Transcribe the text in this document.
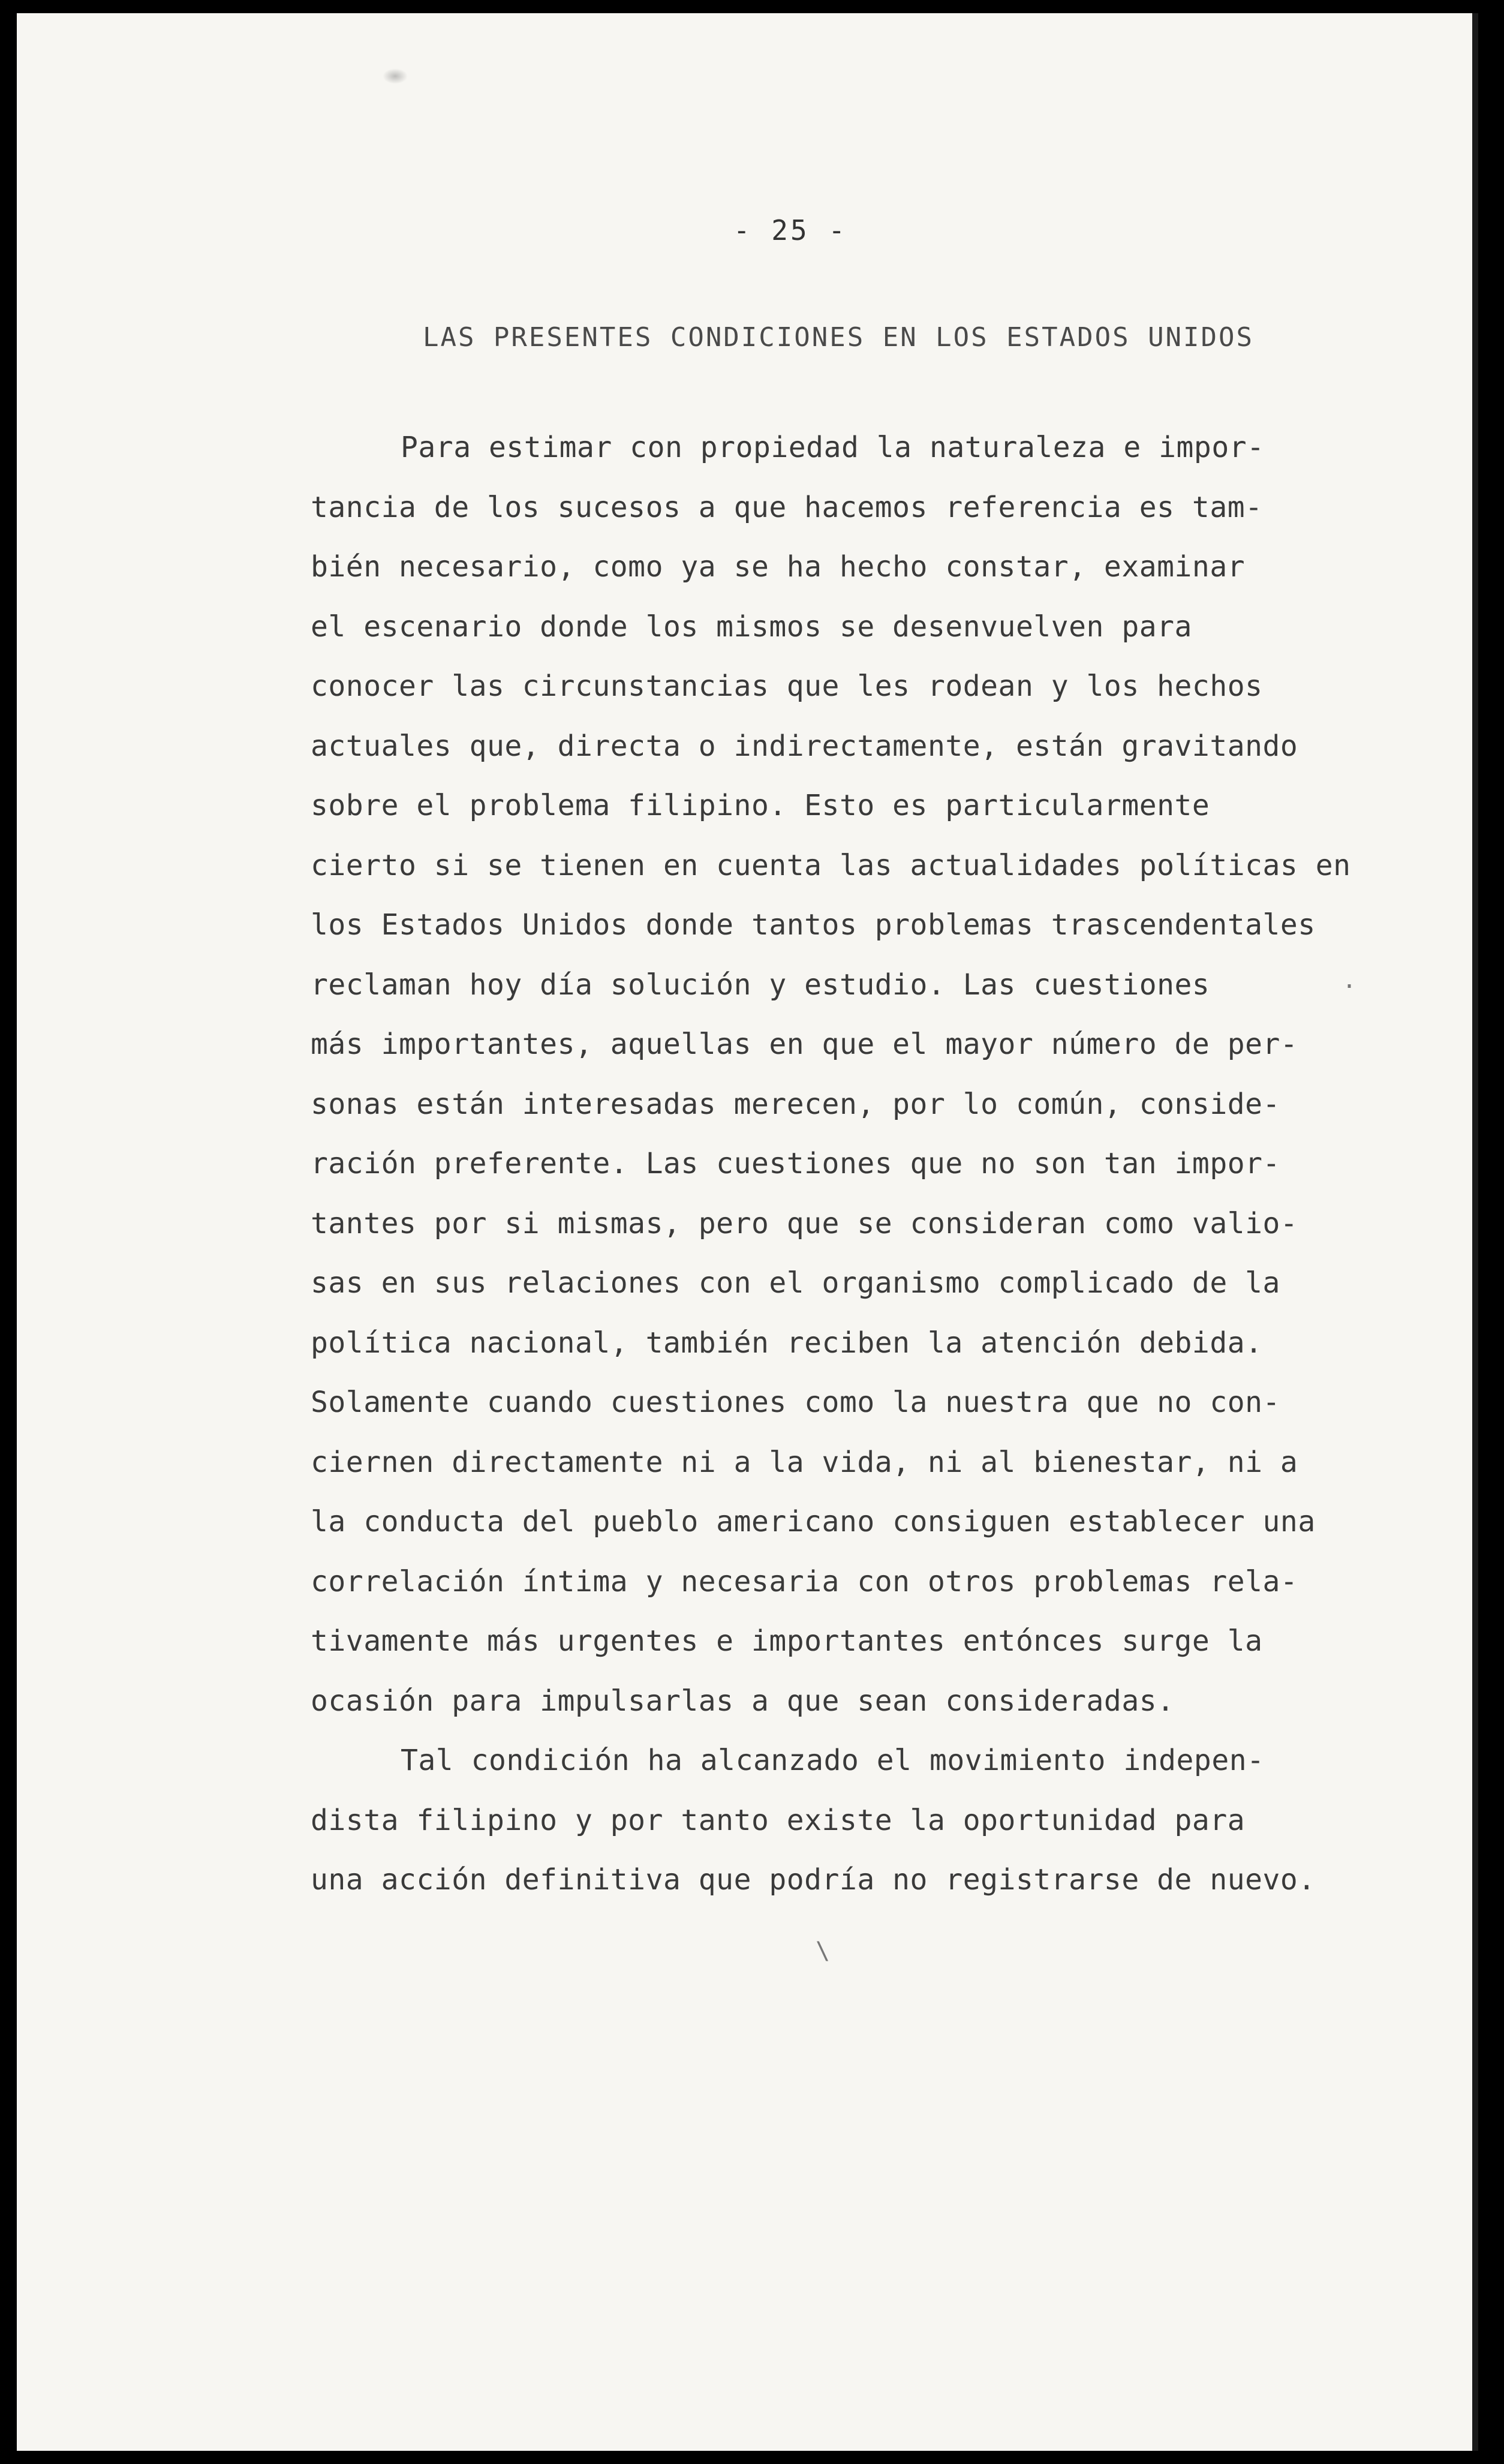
- 25 -
LAS PRESENTES CONDICIONES EN LOS ESTADOS UNIDOS
Para estimar con propiedad la naturaleza e impor-
tancia de los sucesos a que hacemos referencia es tam-
bién necesario, como ya se ha hecho constar, examinar
el escenario donde los mismos se desenvuelven para
conocer las circunstancias que les rodean y los hechos
actuales que, directa o indirectamente, están gravitando
sobre el problema filipino. Esto es particularmente
cierto si se tienen en cuenta las actualidades políticas en
los Estados Unidos donde tantos problemas trascendentales
reclaman hoy día solución y estudio. Las cuestiones
más importantes, aquellas en que el mayor número de per-
sonas están interesadas merecen, por lo común, conside-
ración preferente. Las cuestiones que no son tan impor-
tantes por si mismas, pero que se consideran como valio-
sas en sus relaciones con el organismo complicado de la
política nacional, también reciben la atención debida.
Solamente cuando cuestiones como la nuestra que no con-
ciernen directamente ni a la vida, ni al bienestar, ni a
la conducta del pueblo americano consiguen establecer una
correlación íntima y necesaria con otros problemas rela-
tivamente más urgentes e importantes entónces surge la
ocasión para impulsarlas a que sean consideradas.
Tal condición ha alcanzado el movimiento indepen-
dista filipino y por tanto existe la oportunidad para
una acción definitiva que podría no registrarse de nuevo.
·
\
